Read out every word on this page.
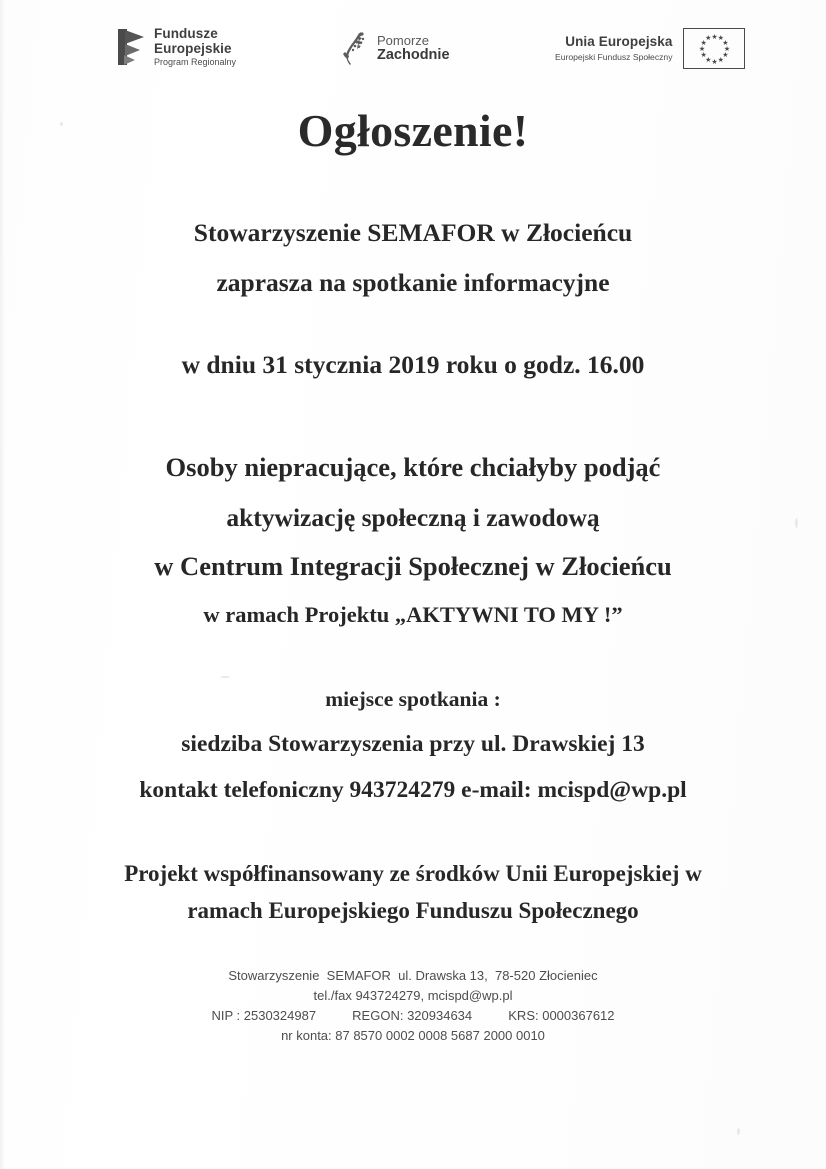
Fundusze
Europejskie
Program Regionalny
Pomorze
Zachodnie
Unia Europejska
Europejski Fundusz Społeczny
★ ★
★
★
★
★
★
★
★
★
★
★
Ogłoszenie!
Stowarzyszenie SEMAFOR w Złocieńcu
zaprasza na spotkanie informacyjne
w dniu 31 stycznia 2019 roku o godz. 16.00
Osoby niepracujące, które chciałyby podjąć
aktywizację społeczną i zawodową
w Centrum Integracji Społecznej w Złocieńcu
w ramach Projektu „AKTYWNI TO MY !”
miejsce spotkania :
siedziba Stowarzyszenia przy ul. Drawskiej 13
kontakt telefoniczny 943724279 e-mail: mcispd@wp.pl
Projekt współfinansowany ze środków Unii Europejskiej w
ramach Europejskiego Funduszu Społecznego
Stowarzyszenie  SEMAFOR  ul. Drawska 13,  78-520 Złocieniec
tel./fax 943724279, mcispd@wp.pl
NIP : 2530324987          REGON: 320934634          KRS: 0000367612
nr konta: 87 8570 0002 0008 5687 2000 0010
